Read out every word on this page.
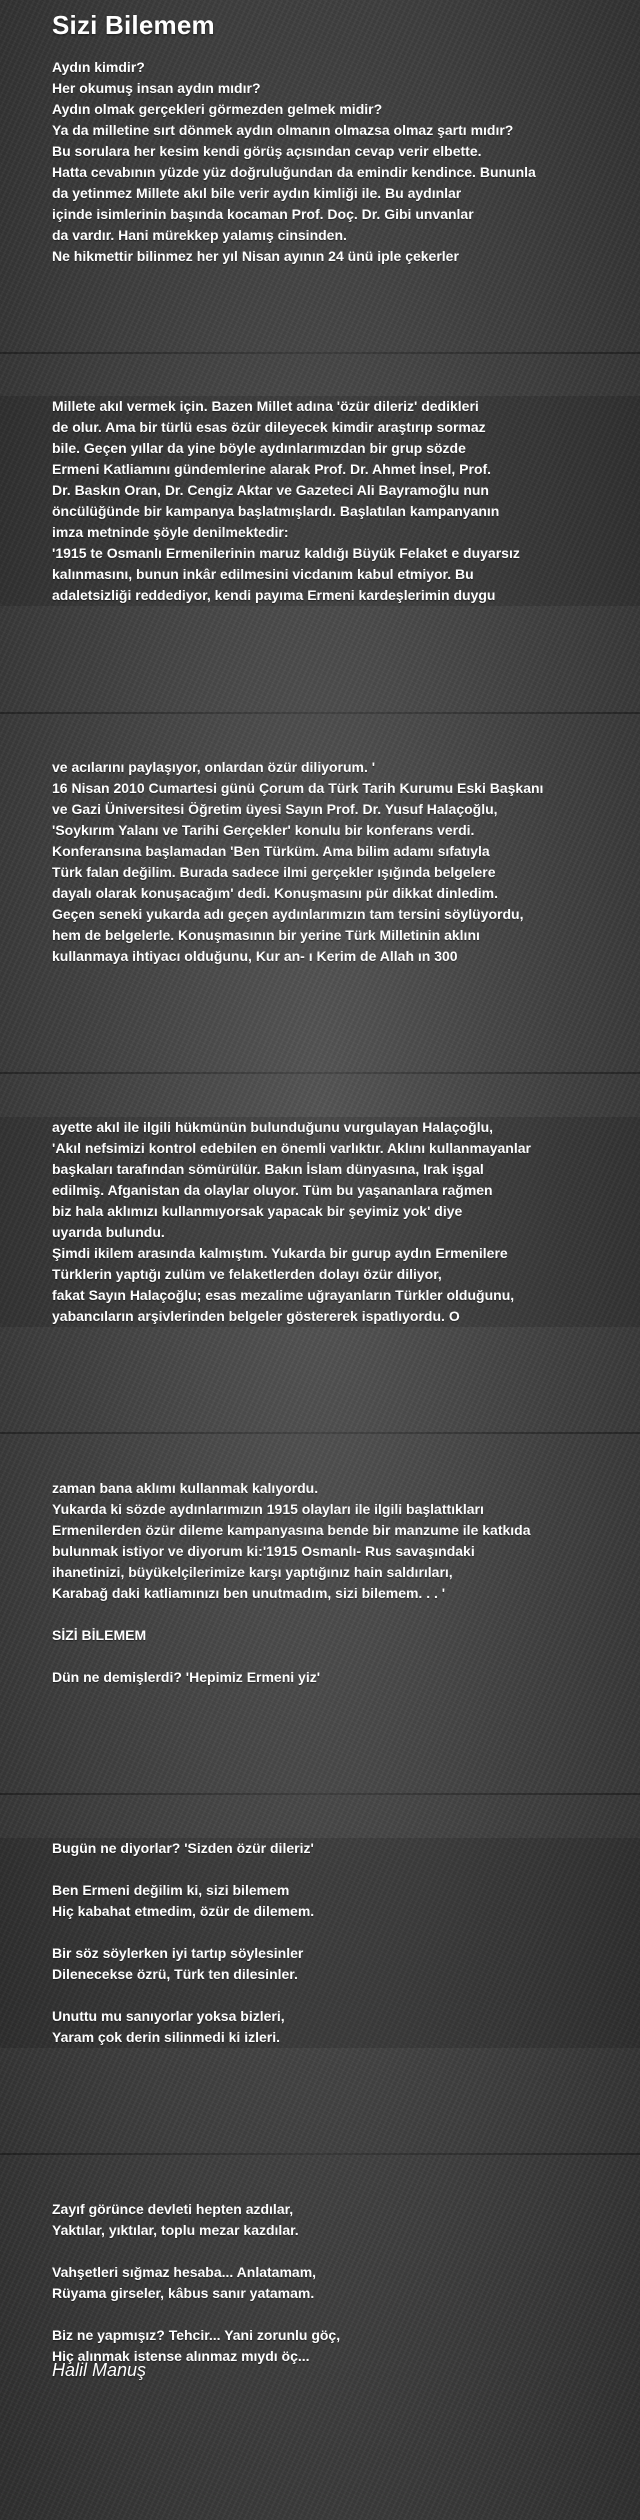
Sizi Bilemem
Aydın kimdir?
Her okumuş insan aydın mıdır?
Aydın olmak gerçekleri görmezden gelmek midir?
Ya da milletine sırt dönmek aydın olmanın olmazsa olmaz şartı mıdır?
Bu sorulara her kesim kendi görüş açısından cevap verir elbette.
Hatta cevabının yüzde yüz doğruluğundan da emindir kendince. Bununla
da yetinmez Millete akıl bile verir aydın kimliği ile. Bu aydınlar
içinde isimlerinin başında kocaman Prof. Doç. Dr. Gibi unvanlar
da vardır. Hani mürekkep yalamış cinsinden.
Ne hikmettir bilinmez her yıl Nisan ayının 24 ünü iple çekerler
Millete akıl vermek için. Bazen Millet adına 'özür dileriz' dedikleri
de olur. Ama bir türlü esas özür dileyecek kimdir araştırıp sormaz
bile. Geçen yıllar da yine böyle aydınlarımızdan bir grup sözde
Ermeni Katliamını gündemlerine alarak Prof. Dr. Ahmet İnsel, Prof.
Dr. Baskın Oran, Dr. Cengiz Aktar ve Gazeteci Ali Bayramoğlu nun
öncülüğünde bir kampanya başlatmışlardı. Başlatılan kampanyanın
imza metninde şöyle denilmektedir:
'1915 te Osmanlı Ermenilerinin maruz kaldığı Büyük Felaket e duyarsız
kalınmasını, bunun inkâr edilmesini vicdanım kabul etmiyor. Bu
adaletsizliği reddediyor, kendi payıma Ermeni kardeşlerimin duygu
ve acılarını paylaşıyor, onlardan özür diliyorum. '
16 Nisan 2010 Cumartesi günü Çorum da Türk Tarih Kurumu Eski Başkanı
ve Gazi Üniversitesi Öğretim üyesi Sayın Prof. Dr. Yusuf Halaçoğlu,
'Soykırım Yalanı ve Tarihi Gerçekler' konulu bir konferans verdi.
Konferansına başlamadan 'Ben Türküm. Ama bilim adamı sıfatıyla
Türk falan değilim. Burada sadece ilmi gerçekler ışığında belgelere
dayalı olarak konuşacağım' dedi. Konuşmasını pür dikkat dinledim.
Geçen seneki yukarda adı geçen aydınlarımızın tam tersini söylüyordu,
hem de belgelerle. Konuşmasının bir yerine Türk Milletinin aklını
kullanmaya ihtiyacı olduğunu, Kur an- ı Kerim de Allah ın 300
ayette akıl ile ilgili hükmünün bulunduğunu vurgulayan Halaçoğlu,
'Akıl nefsimizi kontrol edebilen en önemli varlıktır. Aklını kullanmayanlar
başkaları tarafından sömürülür. Bakın İslam dünyasına, Irak işgal
edilmiş. Afganistan da olaylar oluyor. Tüm bu yaşananlara rağmen
biz hala aklımızı kullanmıyorsak yapacak bir şeyimiz yok' diye
uyarıda bulundu.
Şimdi ikilem arasında kalmıştım. Yukarda bir gurup aydın Ermenilere
Türklerin yaptığı zulüm ve felaketlerden dolayı özür diliyor,
fakat Sayın Halaçoğlu; esas mezalime uğrayanların Türkler olduğunu,
yabancıların arşivlerinden belgeler göstererek ispatlıyordu. O
zaman bana aklımı kullanmak kalıyordu.
Yukarda ki sözde aydınlarımızın 1915 olayları ile ilgili başlattıkları
Ermenilerden özür dileme kampanyasına bende bir manzume ile katkıda
bulunmak istiyor ve diyorum ki:'1915 Osmanlı- Rus savaşındaki
ihanetinizi, büyükelçilerimize karşı yaptığınız hain saldırıları,
Karabağ daki katliamınızı ben unutmadım, sizi bilemem. . . '
SİZİ BİLEMEM
Dün ne demişlerdi? 'Hepimiz Ermeni yiz'
Bugün ne diyorlar? 'Sizden özür dileriz'
Ben Ermeni değilim ki, sizi bilemem
Hiç kabahat etmedim, özür de dilemem.
Bir söz söylerken iyi tartıp söylesinler
Dilenecekse özrü, Türk ten dilesinler.
Unuttu mu sanıyorlar yoksa bizleri,
Yaram çok derin silinmedi ki izleri.
Zayıf görünce devleti hepten azdılar,
Yaktılar, yıktılar, toplu mezar kazdılar.
Vahşetleri sığmaz hesaba... Anlatamam,
Rüyama girseler, kâbus sanır yatamam.
Biz ne yapmışız? Tehcir... Yani zorunlu göç,
Hiç alınmak istense alınmaz mıydı öç...
Halil Manuş
